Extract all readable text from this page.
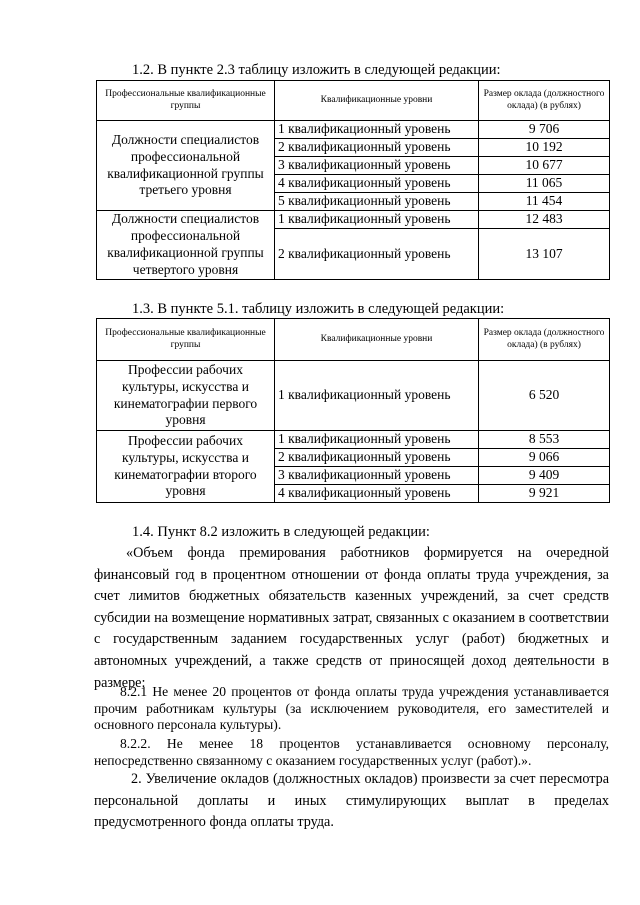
1.2. В пункте 2.3 таблицу изложить в следующей редакции:
Профессиональные квалификационные группы	Квалификационные уровни	Размер оклада (должностного оклада) (в рублях)
Должности специалистов профессиональной квалификационной группы третьего уровня	1 квалификационный уровень	9 706
	2 квалификационный уровень	10 192
	3 квалификационный уровень	10 677
	4 квалификационный уровень	11 065
	5 квалификационный уровень	11 454
Должности специалистов профессиональной квалификационной группы четвертого уровня	1 квалификационный уровень	12 483
	2 квалификационный уровень	13 107
1.3. В пункте 5.1. таблицу изложить в следующей редакции:
Профессиональные квалификационные группы	Квалификационные уровни	Размер оклада (должностного оклада) (в рублях)
Профессии рабочих культуры, искусства и кинематографии первого уровня	1 квалификационный уровень	6 520
Профессии рабочих культуры, искусства и кинематографии второго уровня	1 квалификационный уровень	8 553
	2 квалификационный уровень	9 066
	3 квалификационный уровень	9 409
	4 квалификационный уровень	9 921
1.4. Пункт 8.2 изложить в следующей редакции:
«Объем фонда премирования работников формируется на очередной финансовый год в процентном отношении от фонда оплаты труда учреждения, за счет лимитов бюджетных обязательств казенных учреждений, за счет средств субсидии на возмещение нормативных затрат, связанных с оказанием в соответствии с государственным заданием государственных услуг (работ) бюджетных и автономных учреждений, а также средств от приносящей доход деятельности в размере:
8.2.1 Не менее 20 процентов от фонда оплаты труда учреждения устанавливается прочим работникам культуры (за исключением руководителя, его заместителей и основного персонала культуры).
8.2.2. Не менее 18 процентов устанавливается основному персоналу, непосредственно связанному с оказанием государственных услуг (работ).».
2. Увеличение окладов (должностных окладов) произвести за счет пересмотра персональной доплаты и иных стимулирующих выплат в пределах предусмотренного фонда оплаты труда.
